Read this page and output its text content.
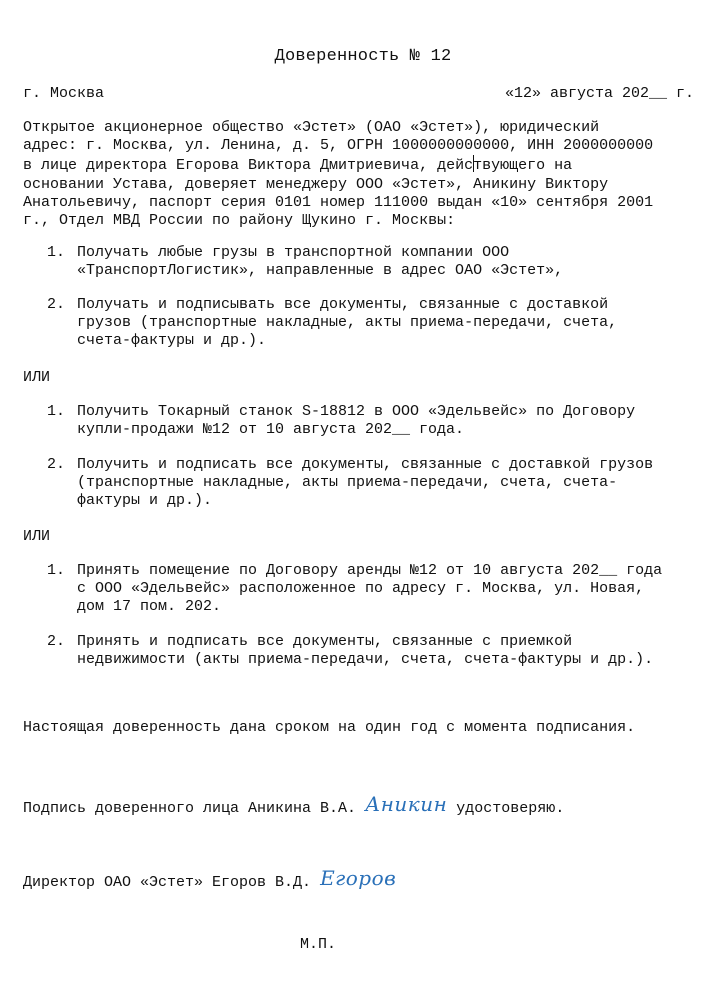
Доверенность № 12
г. Москва	«12» августа 202__ г.
Открытое акционерное общество «Эстет» (ОАО «Эстет»), юридический
адрес: г. Москва, ул. Ленина, д. 5, ОГРН 1000000000000, ИНН 2000000000
в лице директора Егорова Виктора Дмитриевича, действующего на
основании Устава, доверяет менеджеру ООО «Эстет», Аникину Виктору
Анатольевичу, паспорт серия 0101 номер 111000 выдан «10» сентября 2001
г., Отдел МВД России по району Щукино г. Москвы:
1. Получать любые грузы в транспортной компании ООО
«ТранспортЛогистик», направленные в адрес ОАО «Эстет»,
2. Получать и подписывать все документы, связанные с доставкой
грузов (транспортные накладные, акты приема-передачи, счета,
счета-фактуры и др.).
ИЛИ
1. Получить Токарный станок S-18812 в ООО «Эдельвейс» по Договору
купли-продажи №12 от 10 августа 202__ года.
2. Получить и подписать все документы, связанные с доставкой грузов
(транспортные накладные, акты приема-передачи, счета, счета-
фактуры и др.).
ИЛИ
1. Принять помещение по Договору аренды №12 от 10 августа 202__ года
с ООО «Эдельвейс» расположенное по адресу г. Москва, ул. Новая,
дом 17 пом. 202.
2. Принять и подписать все документы, связанные с приемкой
недвижимости (акты приема-передачи, счета, счета-фактуры и др.).
Настоящая доверенность дана сроком на один год с момента подписания.
Подпись доверенного лица Аникина В.А. Аникин удостоверяю.
Директор ОАО «Эстет» Егоров В.Д. Егоров
М.П.
